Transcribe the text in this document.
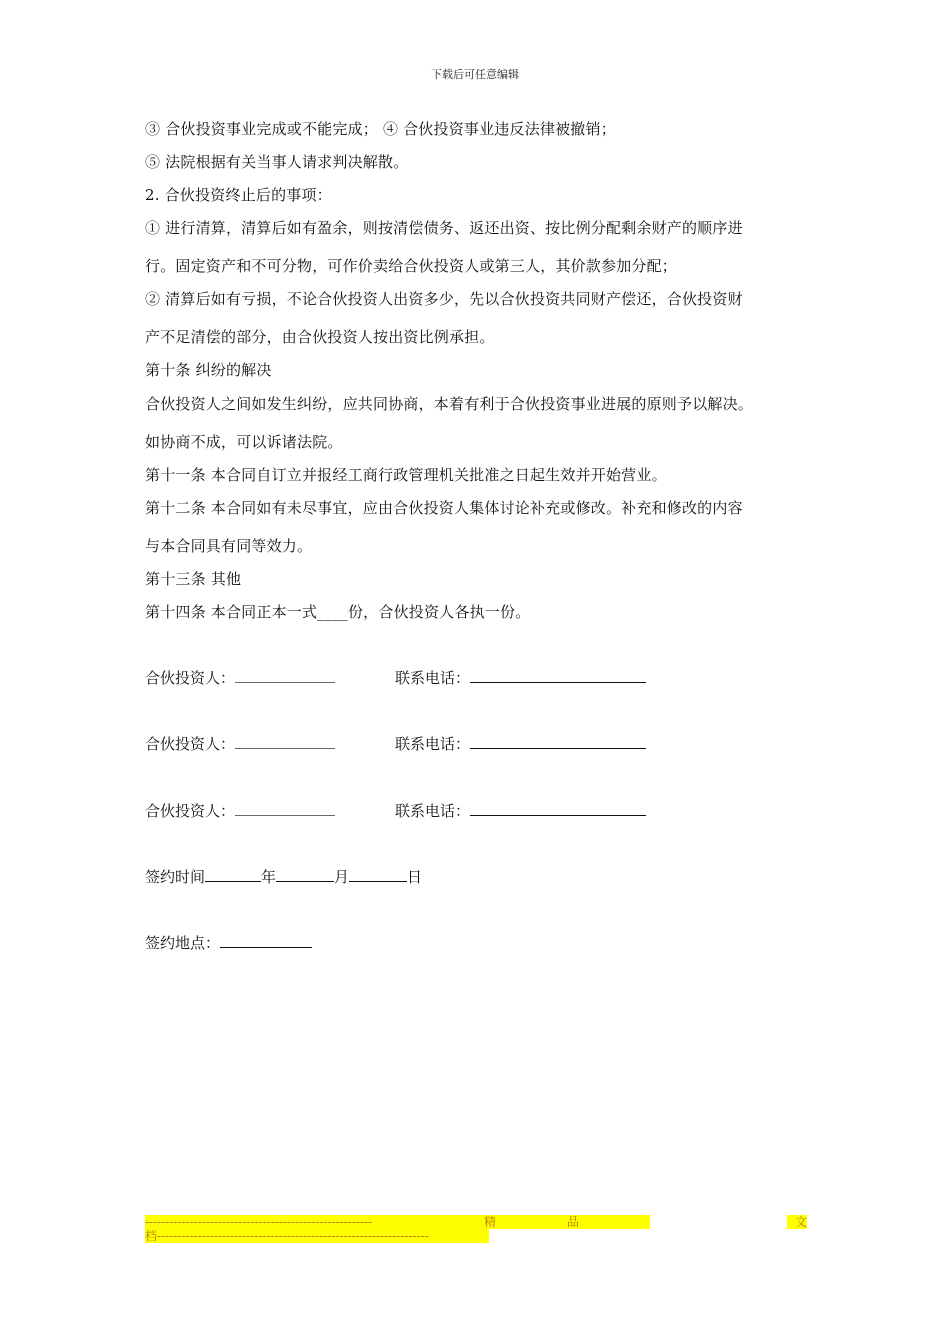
下载后可任意编辑
③ 合伙投资事业完成或不能完成； ④ 合伙投资事业违反法律被撤销；
⑤ 法院根据有关当事人请求判决解散。
2. 合伙投资终止后的事项：
① 进行清算，清算后如有盈余，则按清偿债务、返还出资、按比例分配剩余财产的顺序进
行。固定资产和不可分物，可作价卖给合伙投资人或第三人，其价款参加分配；
② 清算后如有亏损，不论合伙投资人出资多少，先以合伙投资共同财产偿还，合伙投资财
产不足清偿的部分，由合伙投资人按出资比例承担。
第十条 纠纷的解决
合伙投资人之间如发生纠纷，应共同协商，本着有利于合伙投资事业进展的原则予以解决。
如协商不成，可以诉诸法院。
第十一条 本合同自订立并报经工商行政管理机关批准之日起生效并开始营业。
第十二条 本合同如有未尽事宜，应由合伙投资人集体讨论补充或修改。补充和修改的内容
与本合同具有同等效力。
第十三条 其他
第十四条 本合同正本一式____份，合伙投资人各执一份。
合伙投资人：	联系电话：
合伙投资人：	联系电话：
合伙投资人：	联系电话：
签约时间	年	月	日
签约地点：
--------------------------------------------------------	精	品	文
档-------------------------------------------------------------------
